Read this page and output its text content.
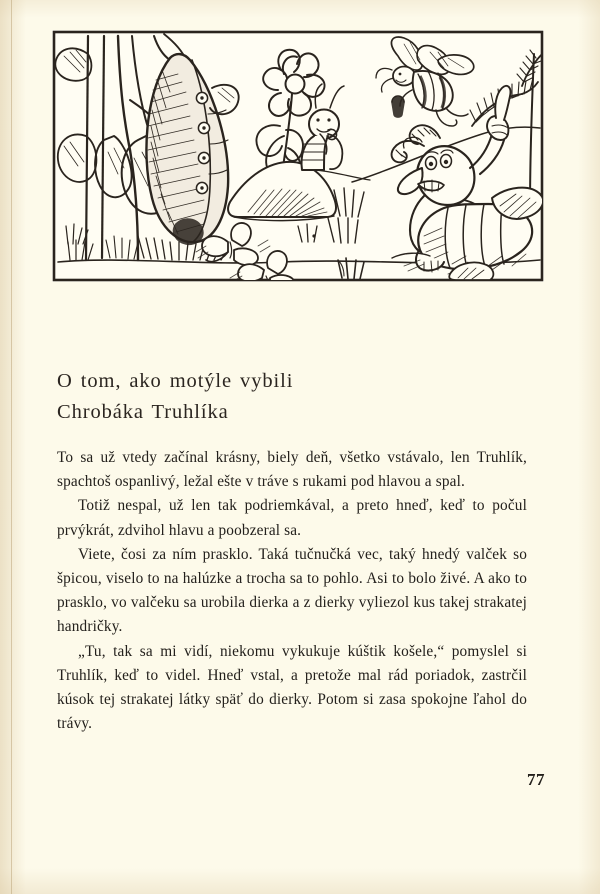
O tom, ako motýle vybili
Chrobáka Truhlíka

To sa už vtedy začínal krásny, biely deň, všetko vstávalo, len Truhlík, spachtoš ospanlivý, ležal ešte v tráve s rukami pod hlavou a spal.

Totiž nespal, už len tak podriemkával, a preto hneď, keď to počul prvýkrát, zdvihol hlavu a poobzeral sa.

Viete, čosi za ním prasklo. Taká tučnučká vec, taký hnedý valček so špicou, viselo to na halúzke a trocha sa to pohlo. Asi to bolo živé. A ako to prasklo, vo valčeku sa urobila dierka a z dierky vyliezol kus takej strakatej handričky.

„Tu, tak sa mi vidí, niekomu vykukuje kúštik košele,“ pomyslel si Truhlík, keď to videl. Hneď vstal, a pretože mal rád poriadok, zastrčil kúsok tej strakatej látky späť do dierky. Potom si zasa spokojne ľahol do trávy.

77
